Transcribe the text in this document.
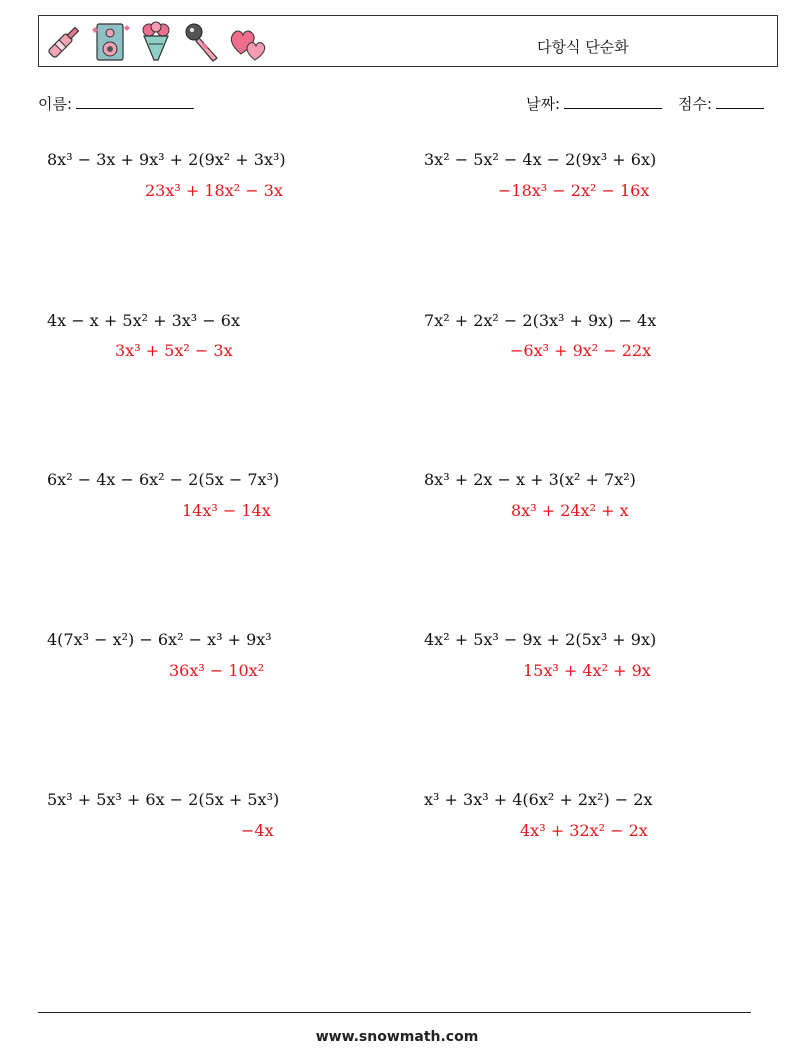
다항식 단순화
이름:	날짜:	점수:
8x³ − 3x + 9x³ + 2(9x² + 3x³)
23x³ + 18x² − 3x
3x² − 5x² − 4x − 2(9x³ + 6x)
−18x³ − 2x² − 16x
4x − x + 5x² + 3x³ − 6x
3x³ + 5x² − 3x
7x² + 2x² − 2(3x³ + 9x) − 4x
−6x³ + 9x² − 22x
6x² − 4x − 6x² − 2(5x − 7x³)
14x³ − 14x
8x³ + 2x − x + 3(x² + 7x²)
8x³ + 24x² + x
4(7x³ − x²) − 6x² − x³ + 9x³
36x³ − 10x²
4x² + 5x³ − 9x + 2(5x³ + 9x)
15x³ + 4x² + 9x
5x³ + 5x³ + 6x − 2(5x + 5x³)
−4x
x³ + 3x³ + 4(6x² + 2x²) − 2x
4x³ + 32x² − 2x
www.snowmath.com
